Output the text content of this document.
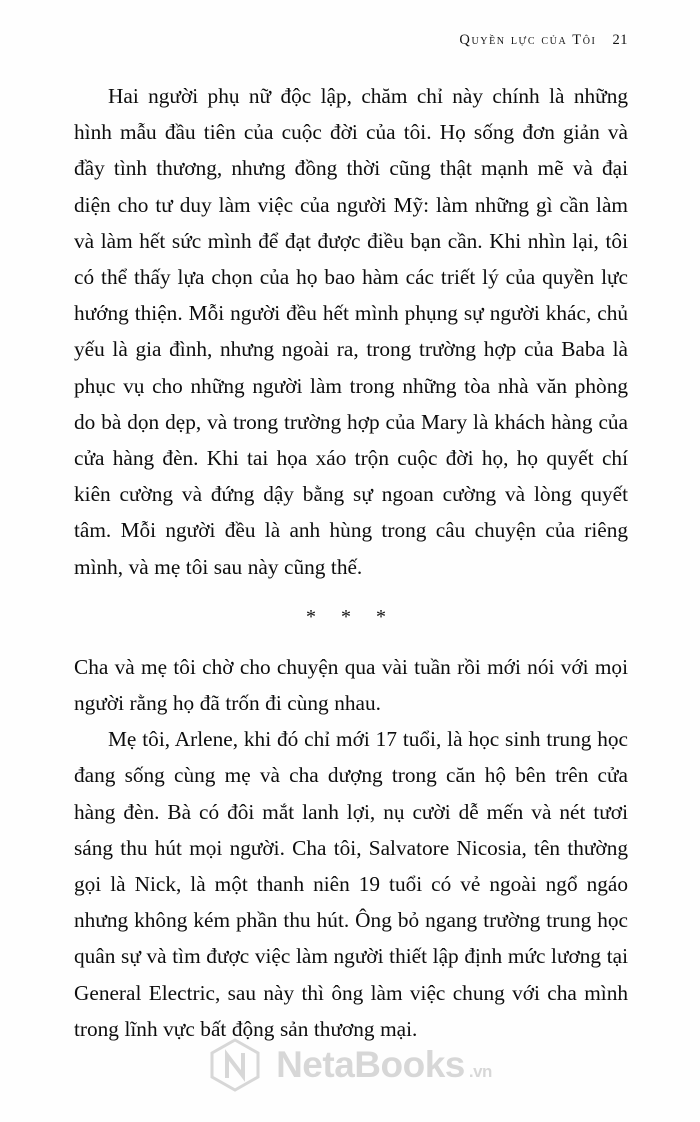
Quyền lực của Tôi 21

Hai người phụ nữ độc lập, chăm chỉ này chính là những hình mẫu đầu tiên của cuộc đời của tôi. Họ sống đơn giản và đầy tình thương, nhưng đồng thời cũng thật mạnh mẽ và đại diện cho tư duy làm việc của người Mỹ: làm những gì cần làm và làm hết sức mình để đạt được điều bạn cần. Khi nhìn lại, tôi có thể thấy lựa chọn của họ bao hàm các triết lý của quyền lực hướng thiện. Mỗi người đều hết mình phụng sự người khác, chủ yếu là gia đình, nhưng ngoài ra, trong trường hợp của Baba là phục vụ cho những người làm trong những tòa nhà văn phòng do bà dọn dẹp, và trong trường hợp của Mary là khách hàng của cửa hàng đèn. Khi tai họa xáo trộn cuộc đời họ, họ quyết chí kiên cường và đứng dậy bằng sự ngoan cường và lòng quyết tâm. Mỗi người đều là anh hùng trong câu chuyện của riêng mình, và mẹ tôi sau này cũng thế.

* * *

Cha và mẹ tôi chờ cho chuyện qua vài tuần rồi mới nói với mọi người rằng họ đã trốn đi cùng nhau.

Mẹ tôi, Arlene, khi đó chỉ mới 17 tuổi, là học sinh trung học đang sống cùng mẹ và cha dượng trong căn hộ bên trên cửa hàng đèn. Bà có đôi mắt lanh lợi, nụ cười dễ mến và nét tươi sáng thu hút mọi người. Cha tôi, Salvatore Nicosia, tên thường gọi là Nick, là một thanh niên 19 tuổi có vẻ ngoài ngổ ngáo nhưng không kém phần thu hút. Ông bỏ ngang trường trung học quân sự và tìm được việc làm người thiết lập định mức lương tại General Electric, sau này thì ông làm việc chung với cha mình trong lĩnh vực bất động sản thương mại.

NetaBooks .vn
